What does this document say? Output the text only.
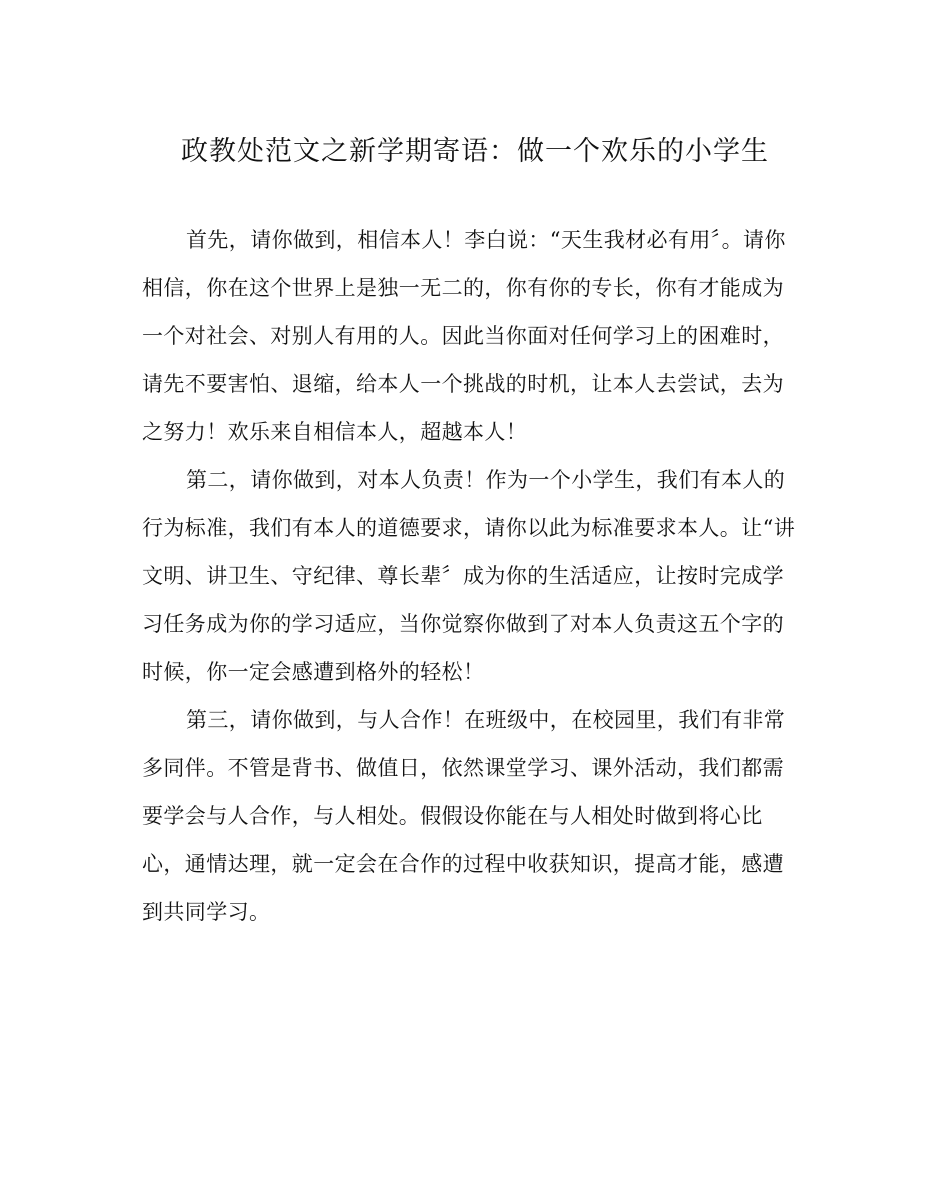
政教处范文之新学期寄语：做一个欢乐的小学生
首先，请你做到，相信本人！李白说：“天生我材必有用〞。请你
相信，你在这个世界上是独一无二的，你有你的专长，你有才能成为
一个对社会、对别人有用的人。因此当你面对任何学习上的困难时，
请先不要害怕、退缩，给本人一个挑战的时机，让本人去尝试，去为
之努力！欢乐来自相信本人，超越本人！
第二，请你做到，对本人负责！作为一个小学生，我们有本人的
行为标准，我们有本人的道德要求，请你以此为标准要求本人。让“讲
文明、讲卫生、守纪律、尊长辈〞成为你的生活适应，让按时完成学
习任务成为你的学习适应，当你觉察你做到了对本人负责这五个字的
时候，你一定会感遭到格外的轻松！
第三，请你做到，与人合作！在班级中，在校园里，我们有非常
多同伴。不管是背书、做值日，依然课堂学习、课外活动，我们都需
要学会与人合作，与人相处。假假设你能在与人相处时做到将心比
心，通情达理，就一定会在合作的过程中收获知识，提高才能，感遭
到共同学习。
